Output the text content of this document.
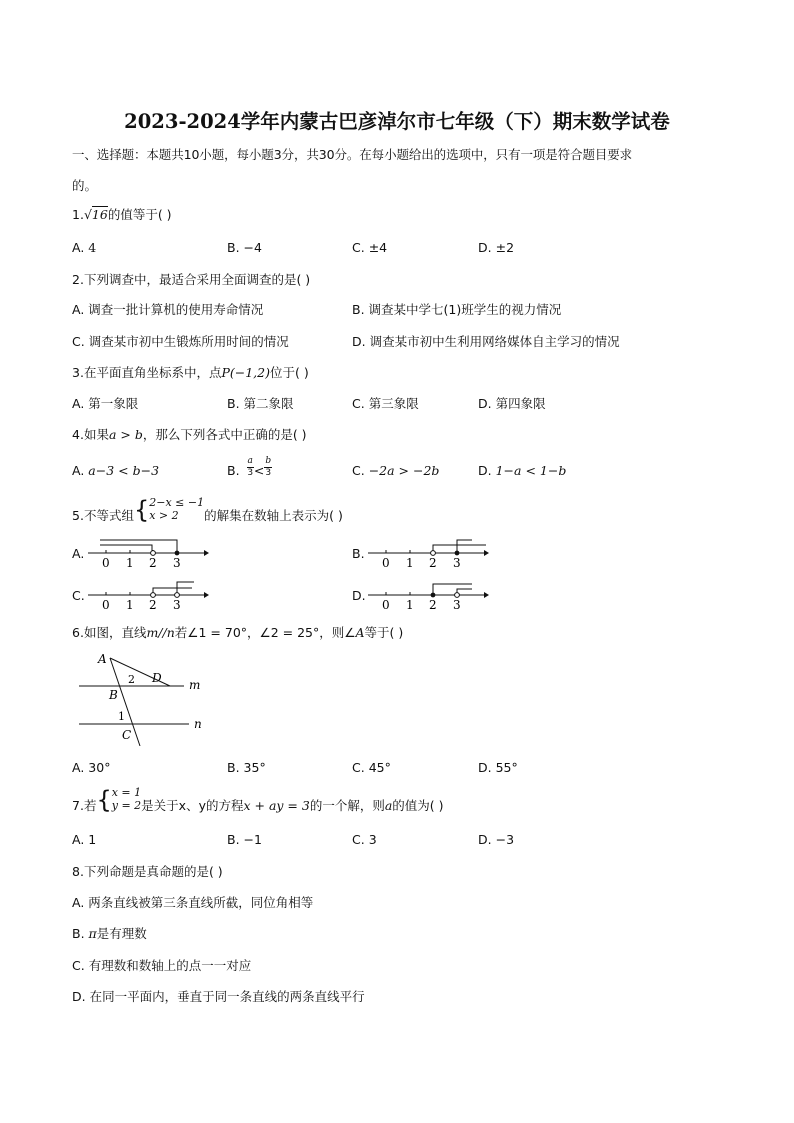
2023-2024学年内蒙古巴彦淖尔市七年级（下）期末数学试卷
一、选择题：本题共10小题，每小题3分，共30分。在每小题给出的选项中，只有一项是符合题目要求
的。
1.√16的值等于( )
A. 4	B. −4	C. ±4	D. ±2
2.下列调查中，最适合采用全面调查的是( )
A. 调查一批计算机的使用寿命情况	B. 调查某中学七(1)班学生的视力情况
C. 调查某市初中生锻炼所用时间的情况	D. 调查某市初中生利用网络媒体自主学习的情况
3.在平面直角坐标系中，点P(−1,2)位于( )
A. 第一象限	B. 第二象限	C. 第三象限	D. 第四象限
4.如果a > b，那么下列各式中正确的是( )
A. a−3 < b−3	B. $\frac{a}{3} < \frac{b}{3}$	C. −2a > −2b	D. 1−a < 1−b
5.不等式组{ 2−x ≤ −1
x > 2	的解集在数轴上表示为( )
A.	B.
C.	D.
0 1 2 3	0 1 2 3
0 1 2 3	0 1 2 3
6.如图，直线m//n若∠1 = 70°，∠2 = 25°，则∠A等于( )
A
B
C
D m
n
2
1
A. 30°	B. 35°	C. 45°	D. 55°
7.若{ x = 1
y = 2 是关于x、y的方程x + ay = 3的一个解，则a的值为( )
A. 1	B. −1	C. 3	D. −3
8.下列命题是真命题的是( )
A. 两条直线被第三条直线所截，同位角相等
B. π是有理数
C. 有理数和数轴上的点一一对应
D. 在同一平面内，垂直于同一条直线的两条直线平行
